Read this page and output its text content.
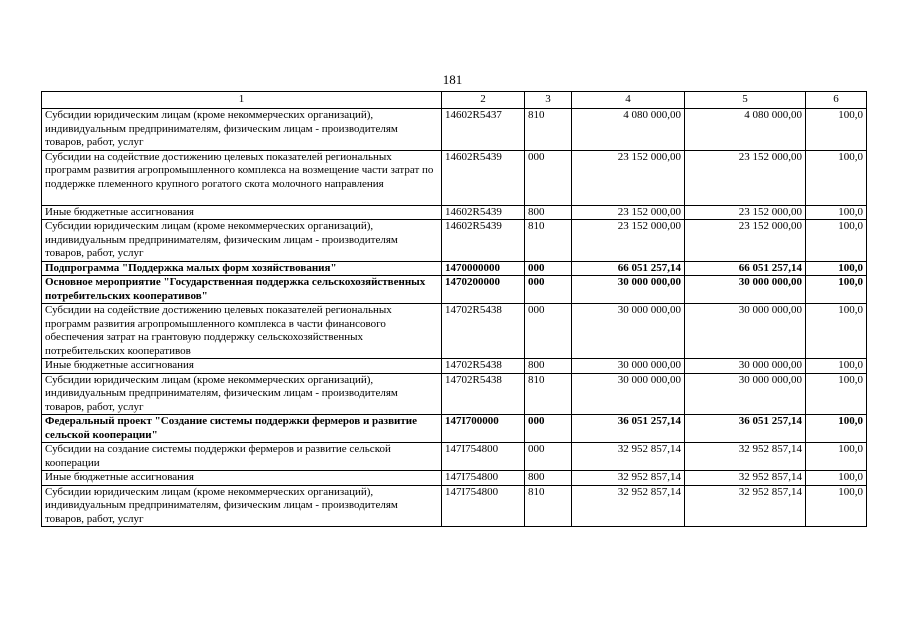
181
1	2	3	4	5	6
Субсидии юридическим лицам (кроме некоммерческих организаций), индивидуальным предпринимателям, физическим лицам - производителям товаров, работ, услуг	14602R5437	810	4 080 000,00	4 080 000,00	100,0
Субсидии на содействие достижению целевых показателей региональных программ развития агропромышленного комплекса на возмещение части затрат по поддержке племенного крупного рогатого скота молочного направления	14602R5439	000	23 152 000,00	23 152 000,00	100,0
Иные бюджетные ассигнования	14602R5439	800	23 152 000,00	23 152 000,00	100,0
Субсидии юридическим лицам (кроме некоммерческих организаций), индивидуальным предпринимателям, физическим лицам - производителям товаров, работ, услуг	14602R5439	810	23 152 000,00	23 152 000,00	100,0
Подпрограмма "Поддержка малых форм хозяйствования"	1470000000	000	66 051 257,14	66 051 257,14	100,0
Основное мероприятие "Государственная поддержка сельскохозяйственных потребительских кооперативов"	1470200000	000	30 000 000,00	30 000 000,00	100,0
Субсидии на содействие достижению целевых показателей региональных программ развития агропромышленного комплекса в части финансового обеспечения затрат на грантовую поддержку сельскохозяйственных потребительских кооперативов	14702R5438	000	30 000 000,00	30 000 000,00	100,0
Иные бюджетные ассигнования	14702R5438	800	30 000 000,00	30 000 000,00	100,0
Субсидии юридическим лицам (кроме некоммерческих организаций), индивидуальным предпринимателям, физическим лицам - производителям товаров, работ, услуг	14702R5438	810	30 000 000,00	30 000 000,00	100,0
Федеральный проект "Создание системы поддержки фермеров и развитие сельской кооперации"	147I700000	000	36 051 257,14	36 051 257,14	100,0
Субсидии на создание системы поддержки фермеров и развитие сельской кооперации	147I754800	000	32 952 857,14	32 952 857,14	100,0
Иные бюджетные ассигнования	147I754800	800	32 952 857,14	32 952 857,14	100,0
Субсидии юридическим лицам (кроме некоммерческих организаций), индивидуальным предпринимателям, физическим лицам - производителям товаров, работ, услуг	147I754800	810	32 952 857,14	32 952 857,14	100,0
